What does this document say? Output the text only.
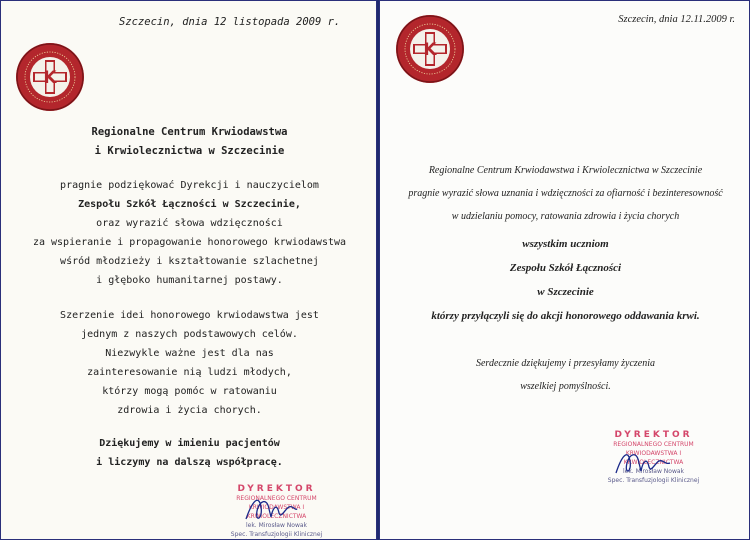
K
Szczecin, dnia 12 listopada 2009 r.
Regionalne Centrum Krwiodawstwa
i Krwiolecznictwa w Szczecinie
pragnie podziękować Dyrekcji i nauczycielom
Zespołu Szkół Łączności w Szczecinie,
oraz wyrazić słowa wdzięczności
za wspieranie i propagowanie honorowego krwiodawstwa
wśród młodzieży i kształtowanie szlachetnej
i głęboko humanitarnej postawy.
Szerzenie idei honorowego krwiodawstwa jest
jednym z naszych podstawowych celów.
Niezwykle ważne jest dla nas
zainteresowanie nią ludzi młodych,
którzy mogą pomóc w ratowaniu
zdrowia i życia chorych.
Dziękujemy w imieniu pacjentów
i liczymy na dalszą współpracę.
DYREKTOR
REGIONALNEGO CENTRUM
KRWIODAWSTWA I KRWIOLECZNICTWA
lek. Mirosław Nowak
Spec. Transfuzjologii Klinicznej
K
Szczecin, dnia 12.11.2009 r.
Regionalne Centrum Krwiodawstwa i Krwiolecznictwa w Szczecinie
pragnie wyrazić słowa uznania i wdzięczności za ofiarność i bezinteresowność
w udzielaniu pomocy, ratowania zdrowia i życia chorych
wszystkim uczniom
Zespołu Szkół Łączności
w Szczecinie
którzy przyłączyli się do akcji honorowego oddawania krwi.
Serdecznie dziękujemy i przesyłamy życzenia
wszelkiej pomyślności.
DYREKTOR
REGIONALNEGO CENTRUM
KRWIODAWSTWA I KRWIOLECZNICTWA
lek. Mirosław Nowak
Spec. Transfuzjologii Klinicznej
